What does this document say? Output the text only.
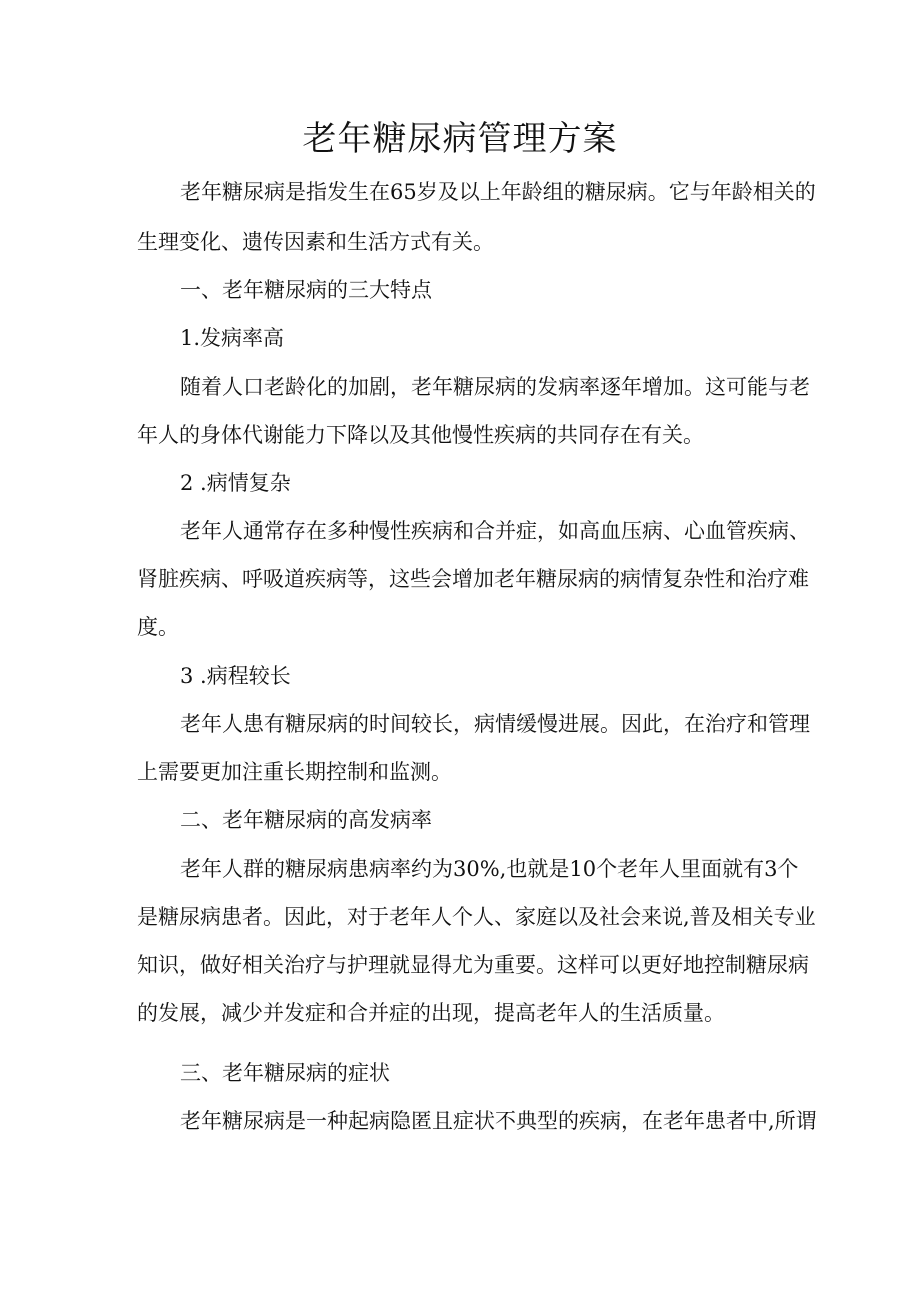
老年糖尿病管理方案

老年糖尿病是指发生在65岁及以上年龄组的糖尿病。它与年龄相关的

生理变化、遗传因素和生活方式有关。

一、老年糖尿病的三大特点

1.发病率高

随着人口老龄化的加剧，老年糖尿病的发病率逐年增加。这可能与老

年人的身体代谢能力下降以及其他慢性疾病的共同存在有关。

2 .病情复杂

老年人通常存在多种慢性疾病和合并症，如高血压病、心血管疾病、

肾脏疾病、呼吸道疾病等，这些会增加老年糖尿病的病情复杂性和治疗难

度。

3 .病程较长

老年人患有糖尿病的时间较长，病情缓慢进展。因此，在治疗和管理

上需要更加注重长期控制和监测。

二、老年糖尿病的高发病率

老年人群的糖尿病患病率约为30%,也就是10个老年人里面就有3个

是糖尿病患者。因此，对于老年人个人、家庭以及社会来说,普及相关专业

知识，做好相关治疗与护理就显得尤为重要。这样可以更好地控制糖尿病

的发展，减少并发症和合并症的出现，提高老年人的生活质量。

三、老年糖尿病的症状

老年糖尿病是一种起病隐匿且症状不典型的疾病，在老年患者中,所谓
